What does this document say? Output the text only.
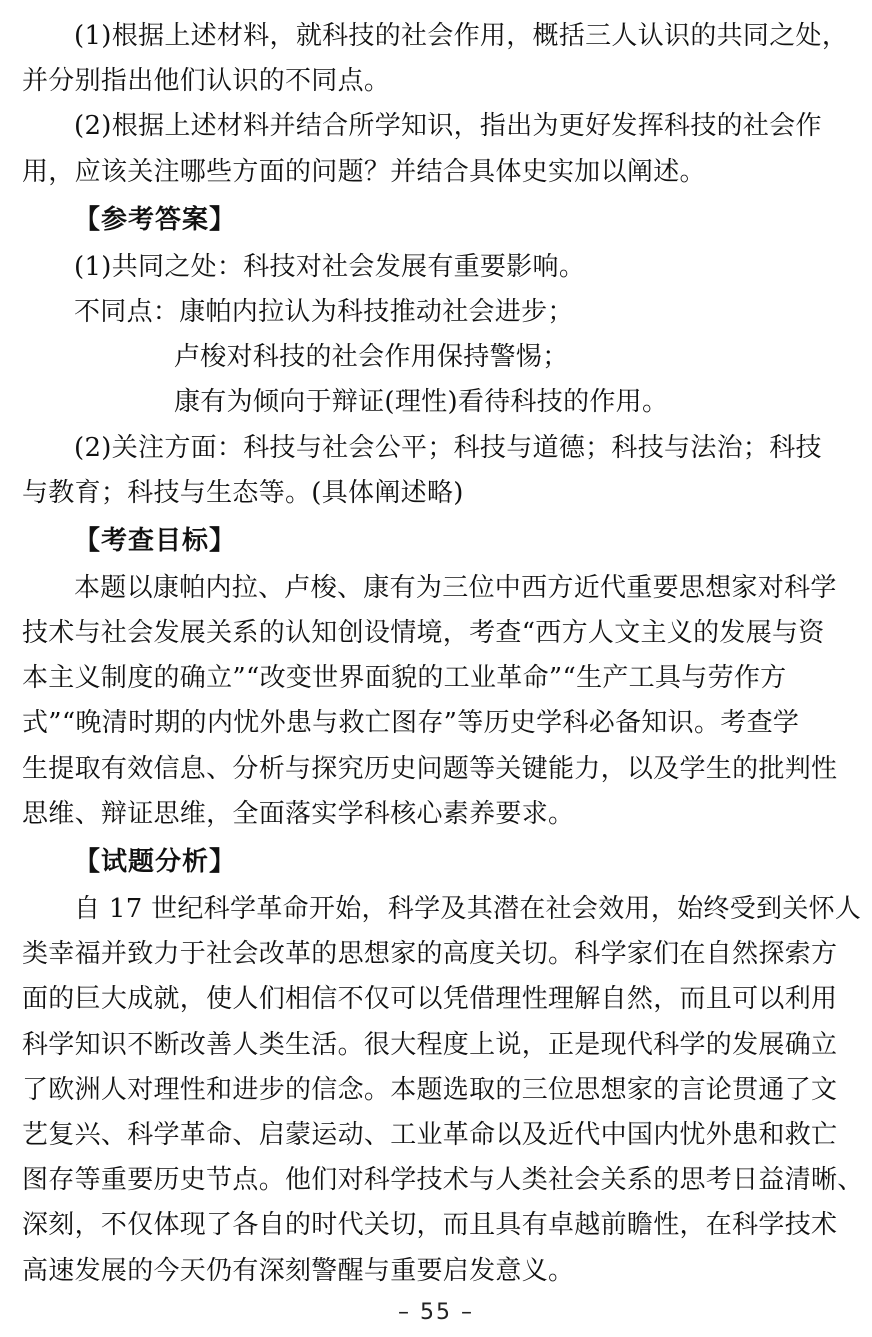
(1)根据上述材料，就科技的社会作用，概括三人认识的共同之处，
并分别指出他们认识的不同点。
(2)根据上述材料并结合所学知识，指出为更好发挥科技的社会作
用，应该关注哪些方面的问题？并结合具体史实加以阐述。
【参考答案】
(1)共同之处：科技对社会发展有重要影响。
不同点：康帕内拉认为科技推动社会进步；
卢梭对科技的社会作用保持警惕；
康有为倾向于辩证(理性)看待科技的作用。
(2)关注方面：科技与社会公平；科技与道德；科技与法治；科技
与教育；科技与生态等。(具体阐述略)
【考查目标】
本题以康帕内拉、卢梭、康有为三位中西方近代重要思想家对科学
技术与社会发展关系的认知创设情境，考查“西方人文主义的发展与资
本主义制度的确立”“改变世界面貌的工业革命”“生产工具与劳作方
式”“晚清时期的内忧外患与救亡图存”等历史学科必备知识。考查学
生提取有效信息、分析与探究历史问题等关键能力，以及学生的批判性
思维、辩证思维，全面落实学科核心素养要求。
【试题分析】
自 17 世纪科学革命开始，科学及其潜在社会效用，始终受到关怀人
类幸福并致力于社会改革的思想家的高度关切。科学家们在自然探索方
面的巨大成就，使人们相信不仅可以凭借理性理解自然，而且可以利用
科学知识不断改善人类生活。很大程度上说，正是现代科学的发展确立
了欧洲人对理性和进步的信念。本题选取的三位思想家的言论贯通了文
艺复兴、科学革命、启蒙运动、工业革命以及近代中国内忧外患和救亡
图存等重要历史节点。他们对科学技术与人类社会关系的思考日益清晰、
深刻，不仅体现了各自的时代关切，而且具有卓越前瞻性，在科学技术
高速发展的今天仍有深刻警醒与重要启发意义。
– 55 –
